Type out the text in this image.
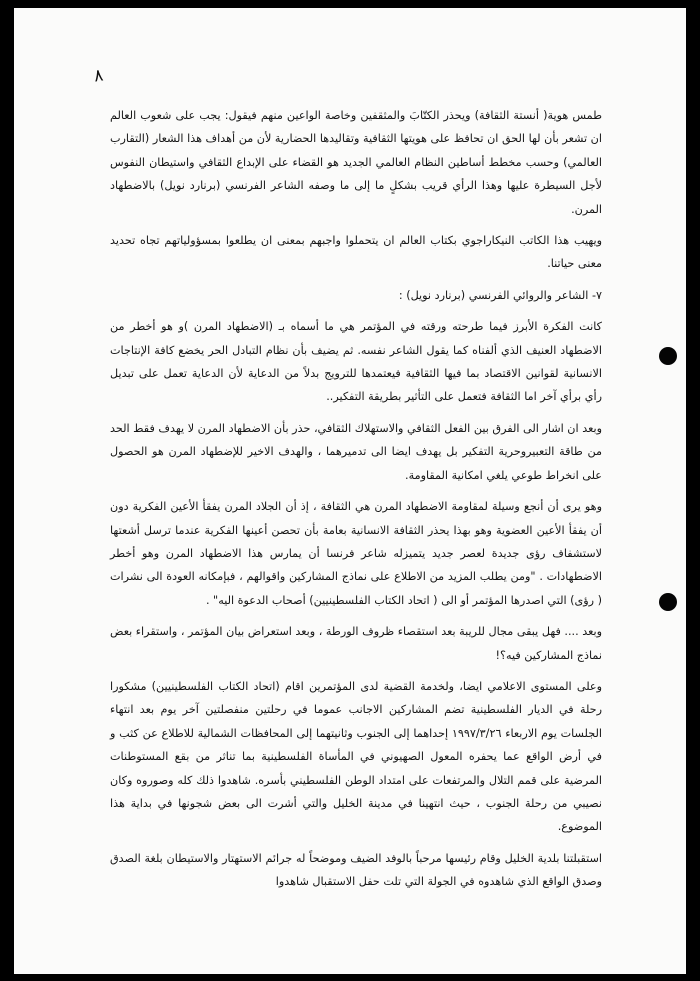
٨

طمس هوية( أنستة الثقافة) ويحذر الكتّابَ والمثقفين وخاصة الواعين منهم فيقول: يجب على شعوب العالم ان تشعر بأن لها الحق ان تحافظ على هويتها الثقافية وتقاليدها الحضارية لأن من أهداف هذا الشعار (التقارب العالمي) وحسب مخطط أساطين النظام العالمي الجديد هو القضاء على الإبداع الثقافي واستيطان النفوس لأجل السيطرة عليها وهذا الرأي قريب بشكلٍ ما إلى ما وصفه الشاعر الفرنسي (برنارد نويل) بالاضطهاد المرن.

ويهيب هذا الكاتب النيكاراجوي بكتاب العالم ان يتحملوا واجبهم بمعنى ان يطلعوا بمسؤولياتهم تجاه تحديد معنى حياتنا.

٧- الشاعر والروائي الفرنسي (برنارد نويل) :

كانت الفكرة الأبرز فيما طرحته ورقته في المؤتمر هي ما أسماه بـ (الاضطهاد المرن )و هو أخطر من الاضطهاد العنيف الذي ألفناه كما يقول الشاعر نفسه. ثم يضيف بأن نظام التبادل الحر يخضع كافة الإنتاجات الانسانية لقوانين الاقتصاد بما فيها الثقافية فيعتمدها للترويج بدلاً من الدعاية لأن الدعاية تعمل على تبديل رأي برأي آخر اما الثقافة فتعمل على التأثير بطريقة التفكير..

وبعد ان اشار الى الفرق بين الفعل الثقافي والاستهلاك الثقافي، حذر بأن الاضطهاد المرن لا يهدف فقط الحد من طاقة التعبيروحرية التفكير بل يهدف ايضا الى تدميرهما ، والهدف الاخير للإضطهاد المرن هو الحصول على انخراط طوعي يلغي امكانية المقاومة.

وهو يرى أن أنجع وسيلة لمقاومة الاضطهاد المرن هي الثقافة ، إذ أن الجلاد المرن يفقأ الأعين الفكرية دون أن يفقأ الأعين العضوية وهو بهذا يحذر الثقافة الانسانية بعامة بأن تحصن أعينها الفكرية عندما ترسل أشعتها لاستشفاف رؤى جديدة لعصر جديد يتميزله شاعر فرنسا أن يمارس هذا الاضطهاد المرن وهو أخطر الاضطهادات . "ومن يطلب المزيد من الاطلاع على نماذج المشاركين واقوالهم ، فبإمكانه العودة الى نشرات ( رؤى) التي اصدرها المؤتمر أو الى ( اتحاد الكتاب الفلسطينيين) أصحاب الدعوة اليه" .

وبعد .... فهل يبقى مجال للريبة بعد استقصاء ظروف الورطة ، وبعد استعراض بيان المؤتمر ، واستقراء بعض نماذج المشاركين فيه؟!

وعلى المستوى الاعلامي ايضا، ولخدمة القضية لدى المؤتمرين اقام (اتحاد الكتاب الفلسطينيين) مشكورا رحلة في الديار الفلسطينية تضم المشاركين الاجانب عموما في رحلتين منفصلتين آخر يوم بعد انتهاء الجلسات يوم الاربعاء ١٩٩٧/٣/٢٦ إحداهما إلى الجنوب وثانيتهما إلى المحافظات الشمالية للاطلاع عن كثب و في أرض الواقع عما يحفره المعول الصهيوني في المأساة الفلسطينية بما تناثر من بقع المستوطنات المرضية على قمم التلال والمرتفعات على امتداد الوطن الفلسطيني بأسره. شاهدوا ذلك كله وصوروه وكان نصيبي من رحلة الجنوب ، حيث انتهينا في مدينة الخليل والتي أشرت الى بعض شجونها في بداية هذا الموضوع.

استقبلتنا بلدية الخليل وقام رئيسها مرحباً بالوفد الضيف وموضحاً له جرائم الاستهتار والاستيطان بلغة الصدق وصدق الواقع الذي شاهدوه في الجولة التي تلت حفل الاستقبال شاهدوا
